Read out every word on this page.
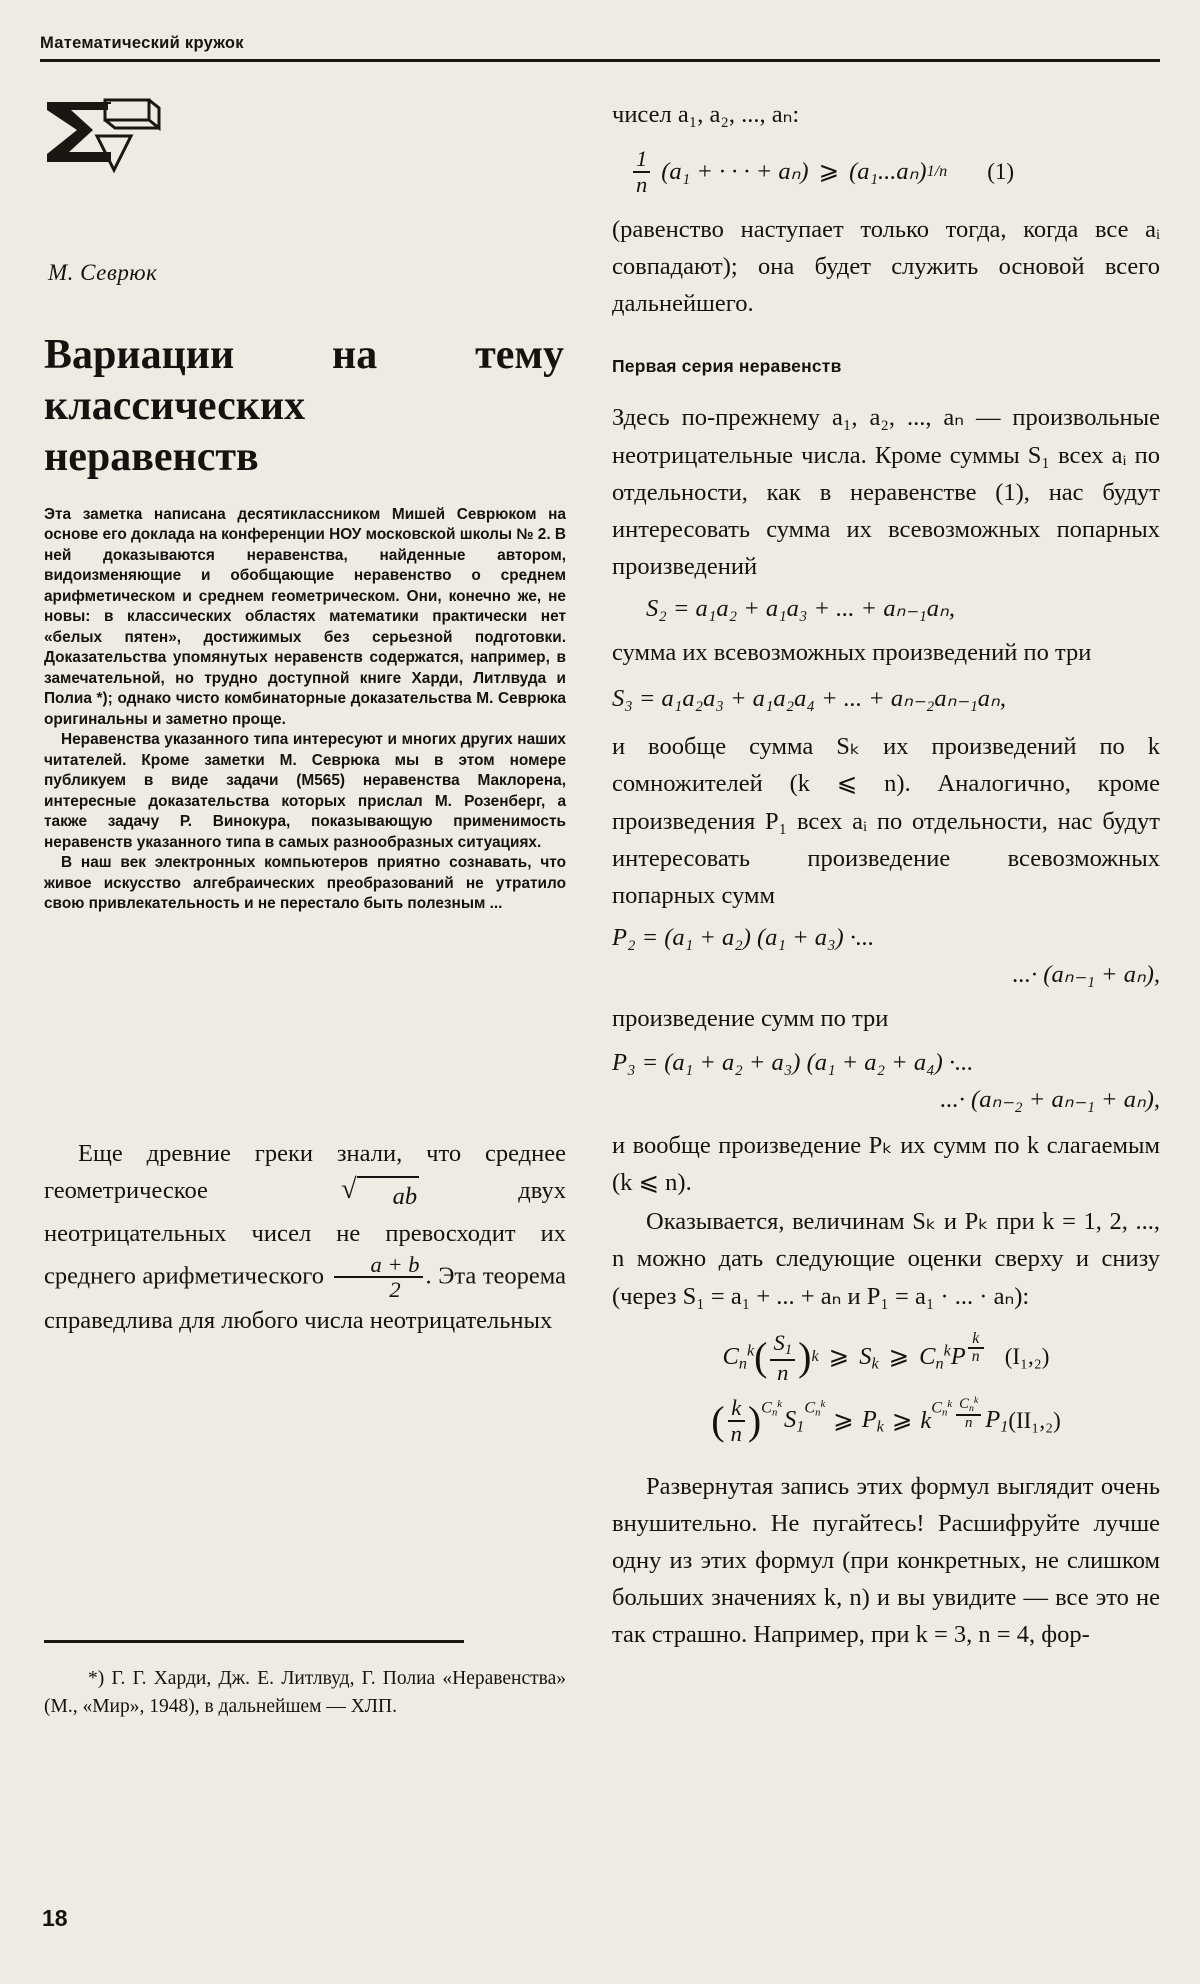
Математический кружок
М. Севрюк
Вариации на тему
классических
неравенств

Эта заметка написана десятиклассником Мишей Севрюком на основе его доклада на конференции НОУ московской школы № 2. В ней доказываются неравенства, найденные автором, видоизменяющие и обобщающие неравенство о среднем арифметическом и среднем геометрическом. Они, конечно же, не новы: в классических областях математики практически нет «белых пятен», достижимых без серьезной подготовки. Доказательства упомянутых неравенств содержатся, например, в замечательной, но трудно доступной книге Харди, Литлвуда и Полиа *); однако чисто комбинаторные доказательства М. Севрюка оригинальны и заметно проще.

Неравенства указанного типа интересуют и многих других наших читателей. Кроме заметки М. Севрюка мы в этом номере публикуем в виде задачи (М565) неравенства Маклорена, интересные доказательства которых прислал М. Розенберг, а также задачу Р. Винокура, показывающую применимость неравенств указанного типа в самых разнообразных ситуациях.

В наш век электронных компьютеров приятно сознавать, что живое искусство алгебраических преобразований не утратило свою привлекательность и не перестало быть полезным ...

Еще древние греки знали, что среднее геометрическое	√	ab двух неотрицательных чисел не превосходит их среднего арифметического $\frac{a + b}{2}$ . Эта теорема справедлива для любого числа неотрицательных

*) Г. Г. Харди, Дж. Е. Литлвуд, Г. Полиа «Неравенства» (М., «Мир», 1948), в дальнейшем — ХЛП.

18

чисел a₁, a₂, ..., aₙ:

$\frac{1}{n} (a_1$ + · · · + aₙ) ⩾ (a₁...aₙ) 1/n (1)

(равенство наступает только тогда, когда все aᵢ совпадают); она будет служить основой всего дальнейшего.

Первая серия неравенств

Здесь по-прежнему a₁, a₂, ..., aₙ — произвольные неотрицательные числа. Кроме суммы S₁ всех aᵢ по отдельности, как в неравенстве (1), нас будут интересовать сумма их всевозможных попарных произведений

S₂ = a₁a₂ + a₁a₃ + ... + aₙ₋₁aₙ,

сумма их всевозможных произведений по три

S₃ = a₁a₂a₃ + a₁a₂a₄ + ... + aₙ₋₂aₙ₋₁aₙ,

и вообще сумма Sₖ их произведений по k сомножителей (k ⩽ n). Аналогично, кроме произведения P₁ всех aᵢ по отдельности, нас будут интересовать произведение всевозможных попарных сумм

P₂ = (a₁ + a₂) (a₁ + a₃) ·...
...· (aₙ₋₁ + aₙ),

произведение сумм по три

P₃ = (a₁ + a₂ + a₃) (a₁ + a₂ + a₄) ·...
...· (aₙ₋₂ + aₙ₋₁ + aₙ),

и вообще произведение Pₖ их сумм по k слагаемым (k ⩽ n).

Оказывается, величинам Sₖ и Pₖ при k = 1, 2, ..., n можно дать следующие оценки сверху и снизу (через S₁ = a₁ + ... + aₙ и P₁ = a₁ · ... · aₙ):

$C_n^k$ ( $\frac{S_1}{n}$ ) k ⩾ $S_k$ ⩾ $C_n^kP \frac{k}{n} (I_1,_2)$
( $\frac{k}{n}$ ) $C_n^k$
$S_1$
$C_n^k$
⩾ $P_k$ ⩾ k $C_n^k \frac{C_n^k}{n} P_1$ (II₁,₂)

Развернутая запись этих формул выглядит очень внушительно. Не пугайтесь! Расшифруйте лучше одну из этих формул (при конкретных, не слишком больших значениях k, n) и вы увидите — все это не так страшно. Например, при k = 3, n = 4, фор-
